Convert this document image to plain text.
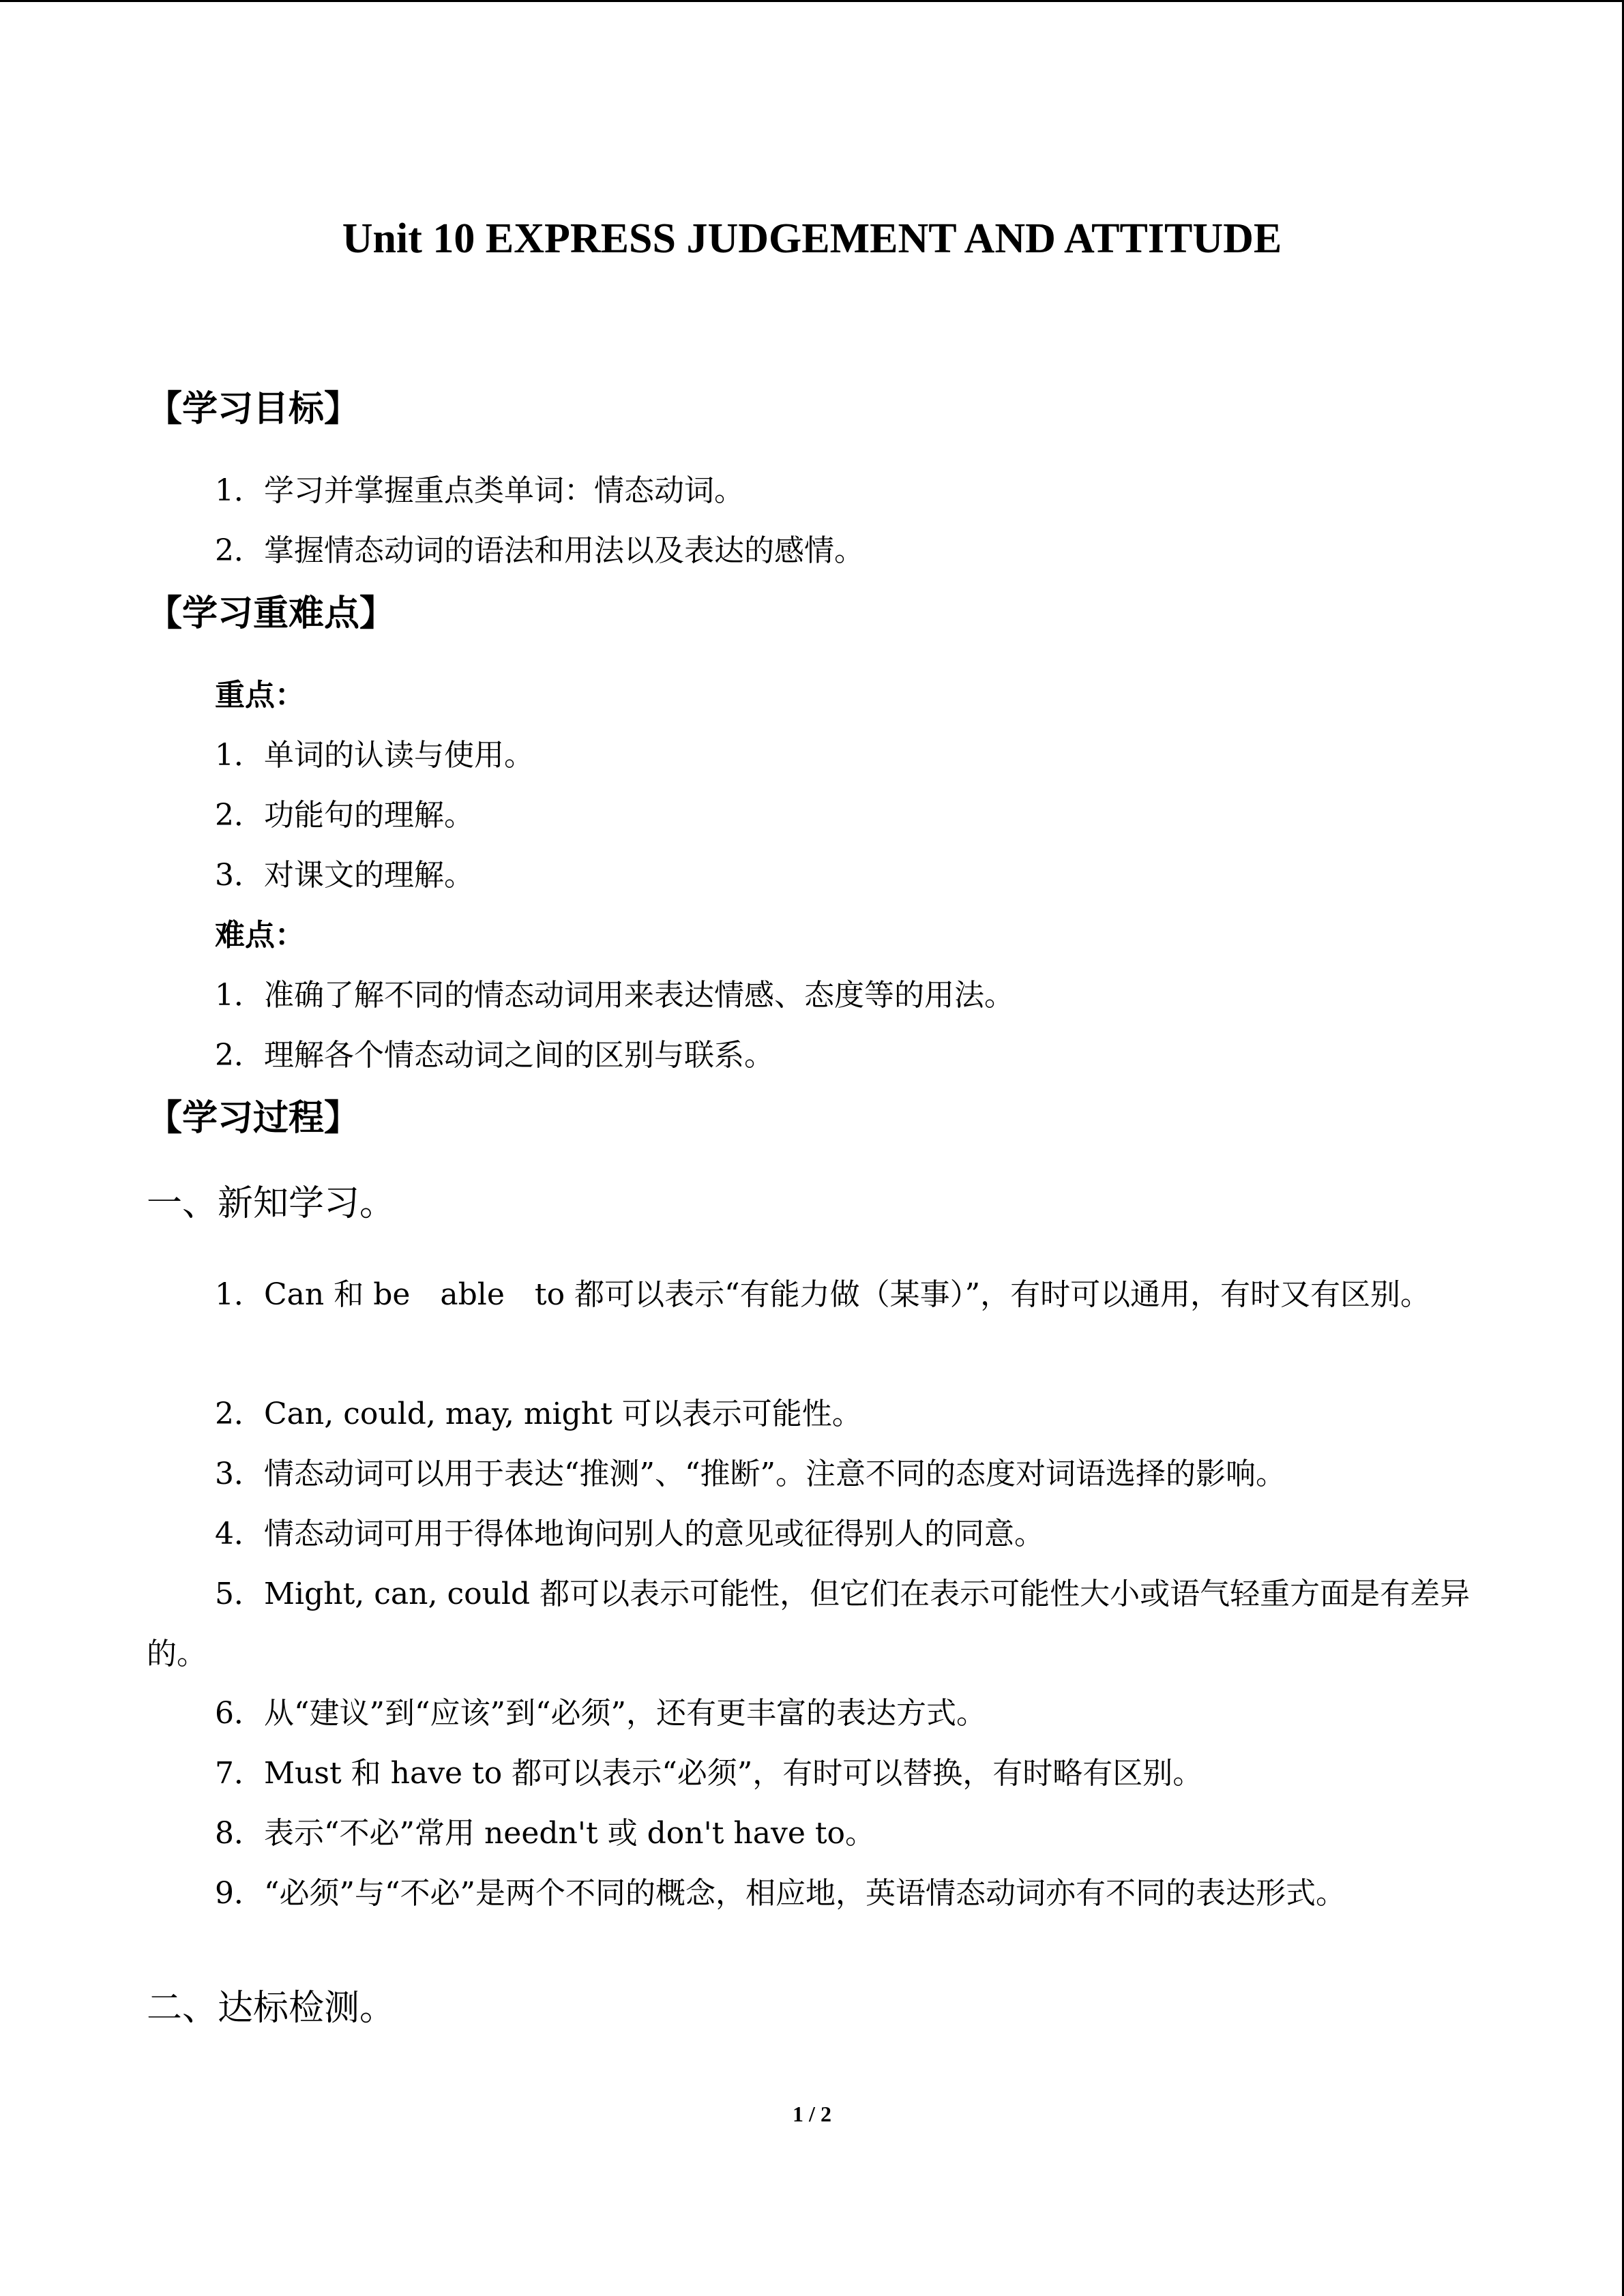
Unit 10 EXPRESS JUDGEMENT AND ATTITUDE
【学习目标】
1．学习并掌握重点类单词：情态动词。
2．掌握情态动词的语法和用法以及表达的感情。
【学习重难点】
重点：
1．单词的认读与使用。
2．功能句的理解。
3．对课文的理解。
难点：
1．准确了解不同的情态动词用来表达情感、态度等的用法。
2．理解各个情态动词之间的区别与联系。
【学习过程】
一、新知学习。
1．Can 和 be　able　to 都可以表示“有能力做（某事）”，有时可以通用，有时又有区别。
2．Can, could, may, might 可以表示可能性。
3．情态动词可以用于表达“推测”、“推断”。注意不同的态度对词语选择的影响。
4．情态动词可用于得体地询问别人的意见或征得别人的同意。
5．Might, can, could 都可以表示可能性，但它们在表示可能性大小或语气轻重方面是有差异的。
6．从“建议”到“应该”到“必须”，还有更丰富的表达方式。
7．Must 和 have to 都可以表示“必须”，有时可以替换，有时略有区别。
8．表示“不必”常用 needn't 或 don't have to。
9．“必须”与“不必”是两个不同的概念，相应地，英语情态动词亦有不同的表达形式。
二、达标检测。
1 / 2
